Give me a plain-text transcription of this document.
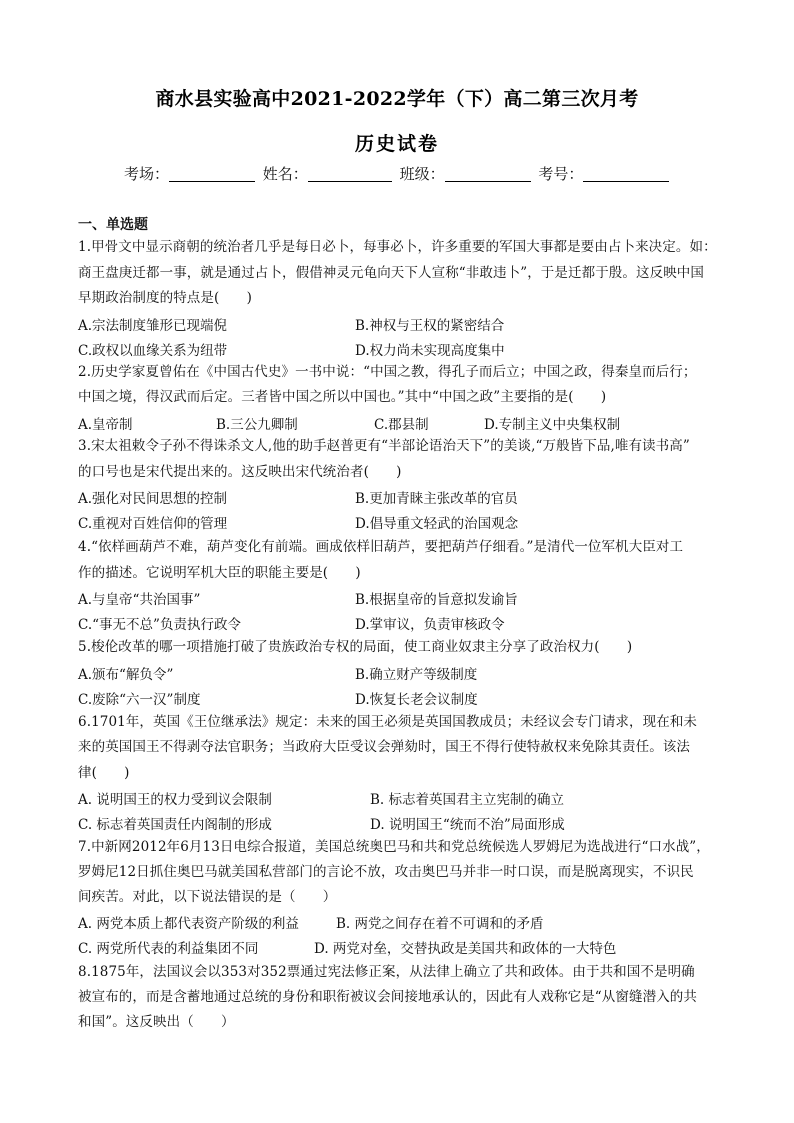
商水县实验高中2021-2022学年（下）高二第三次月考
历史试卷
考场：	姓名：	班级：	考号：
一、单选题
1.甲骨文中显示商朝的统治者几乎是每日必卜，每事必卜，许多重要的军国大事都是要由占卜来决定。如：
商王盘庚迁都一事，就是通过占卜，假借神灵元龟向天下人宣称“非敢违卜”，于是迁都于殷。这反映中国
早期政治制度的特点是(　　)
A.宗法制度雏形已现端倪	B.神权与王权的紧密结合
C.政权以血缘关系为纽带	D.权力尚未实现高度集中
2.历史学家夏曾佑在《中国古代史》一书中说：“中国之教，得孔子而后立；中国之政，得秦皇而后行；
中国之境，得汉武而后定。三者皆中国之所以中国也。”其中“中国之政”主要指的是(　　)
A.皇帝制	B.三公九卿制	C.郡县制	D.专制主义中央集权制
3.宋太祖敕令子孙不得诛杀文人,他的助手赵普更有“半部论语治天下”的美谈,“万般皆下品,唯有读书高”
的口号也是宋代提出来的。这反映出宋代统治者(　　)
A.强化对民间思想的控制	B.更加青睐主张改革的官员
C.重视对百姓信仰的管理	D.倡导重文轻武的治国观念
4.“依样画葫芦不难，葫芦变化有前端。画成依样旧葫芦，要把葫芦仔细看。”是清代一位军机大臣对工
作的描述。它说明军机大臣的职能主要是(　　)
A.与皇帝“共治国事”	B.根据皇帝的旨意拟发谕旨
C.“事无不总”负责执行政令	D.掌审议，负责审核政令
5.梭伦改革的哪一项措施打破了贵族政治专权的局面，使工商业奴隶主分享了政治权力(　　)
A.颁布“解负令”	B.确立财产等级制度
C.废除“六一汉”制度	D.恢复长老会议制度
6.1701年，英国《王位继承法》规定：未来的国王必须是英国国教成员；未经议会专门请求，现在和未
来的英国国王不得剥夺法官职务；当政府大臣受议会弹劾时，国王不得行使特赦权来免除其责任。该法
律(　　)
A. 说明国王的权力受到议会限制	B. 标志着英国君主立宪制的确立
C. 标志着英国责任内阁制的形成	D. 说明国王“统而不治”局面形成
7.中新网2012年6月13日电综合报道，美国总统奥巴马和共和党总统候选人罗姆尼为选战进行“口水战”，
罗姆尼12日抓住奥巴马就美国私营部门的言论不放，攻击奥巴马并非一时口误，而是脱离现实，不识民
间疾苦。对此，以下说法错误的是（　　）
A. 两党本质上都代表资产阶级的利益	B. 两党之间存在着不可调和的矛盾
C. 两党所代表的利益集团不同	D. 两党对垒，交替执政是美国共和政体的一大特色
8.1875年，法国议会以353对352票通过宪法修正案，从法律上确立了共和政体。由于共和国不是明确
被宣布的，而是含蓄地通过总统的身份和职衔被议会间接地承认的，因此有人戏称它是“从窗缝潜入的共
和国”。这反映出（　　）
